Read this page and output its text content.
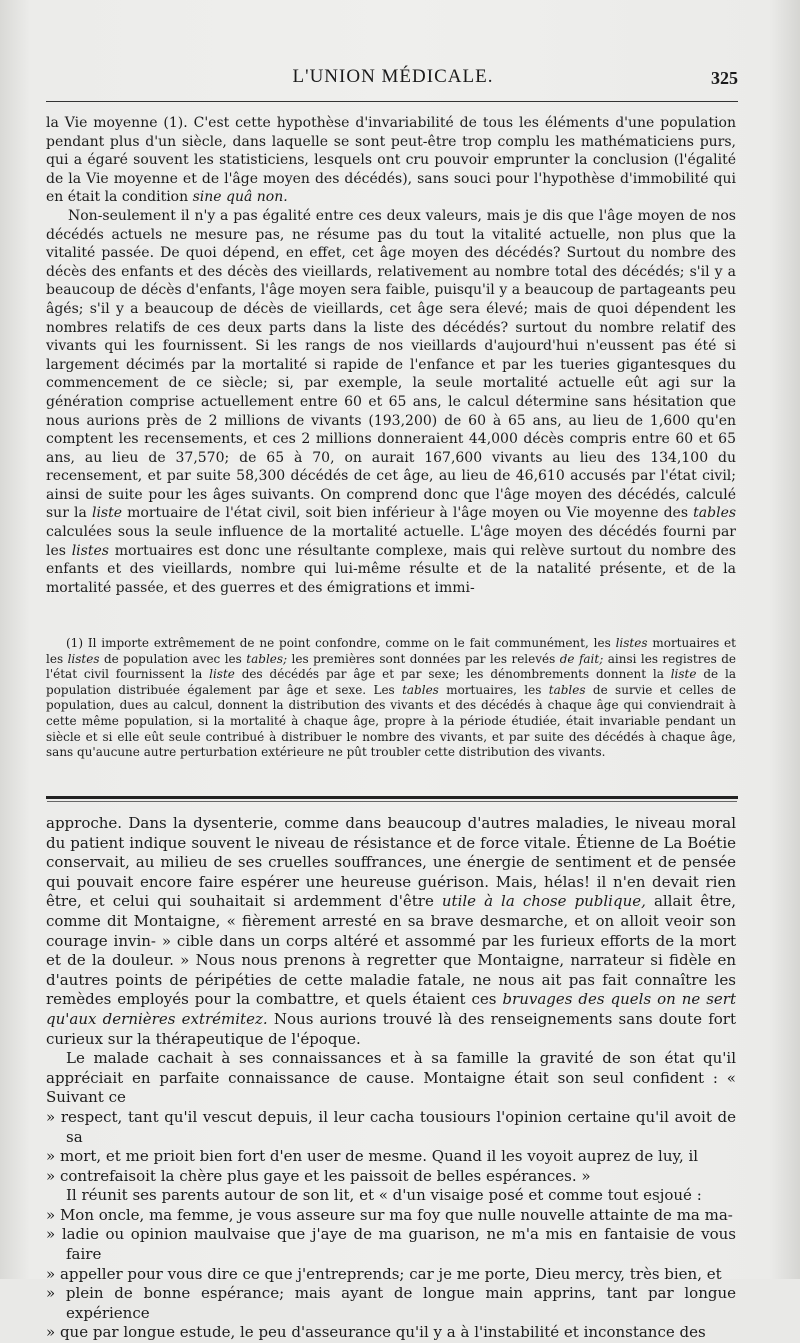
L'UNION MÉDICALE.	325

la Vie moyenne (1). C'est cette hypothèse d'invariabilité de tous les éléments d'une population pendant plus d'un siècle, dans laquelle se sont peut-être trop complu les mathématiciens purs, qui a égaré souvent les statisticiens, lesquels ont cru pouvoir emprunter la conclusion (l'égalité de la Vie moyenne et de l'âge moyen des décédés), sans souci pour l'hypothèse d'immobilité qui en était la condition sine quâ non.

Non-seulement il n'y a pas égalité entre ces deux valeurs, mais je dis que l'âge moyen de nos décédés actuels ne mesure pas, ne résume pas du tout la vitalité actuelle, non plus que la vitalité passée. De quoi dépend, en effet, cet âge moyen des décédés? Surtout du nombre des décès des enfants et des décès des vieillards, relativement au nombre total des décédés; s'il y a beaucoup de décès d'enfants, l'âge moyen sera faible, puisqu'il y a beaucoup de partageants peu âgés; s'il y a beaucoup de décès de vieillards, cet âge sera élevé; mais de quoi dépendent les nombres relatifs de ces deux parts dans la liste des décédés? surtout du nombre relatif des vivants qui les fournissent. Si les rangs de nos vieillards d'aujourd'hui n'eussent pas été si largement décimés par la mortalité si rapide de l'enfance et par les tueries gigantesques du commencement de ce siècle; si, par exemple, la seule mortalité actuelle eût agi sur la génération comprise actuellement entre 60 et 65 ans, le calcul détermine sans hésitation que nous aurions près de 2 millions de vivants (193,200) de 60 à 65 ans, au lieu de 1,600 qu'en comptent les recensements, et ces 2 millions donneraient 44,000 décès compris entre 60 et 65 ans, au lieu de 37,570; de 65 à 70, on aurait 167,600 vivants au lieu des 134,100 du recensement, et par suite 58,300 décédés de cet âge, au lieu de 46,610 accusés par l'état civil; ainsi de suite pour les âges suivants. On comprend donc que l'âge moyen des décédés, calculé sur la liste mortuaire de l'état civil, soit bien inférieur à l'âge moyen ou Vie moyenne des tables calculées sous la seule influence de la mortalité actuelle. L'âge moyen des décédés fourni par les listes mortuaires est donc une résultante complexe, mais qui relève surtout du nombre des enfants et des vieillards, nombre qui lui-même résulte et de la natalité présente, et de la mortalité passée, et des guerres et des émigrations et immi-

(1) Il importe extrêmement de ne point confondre, comme on le fait communément, les listes mortuaires et les listes de population avec les tables; les premières sont données par les relevés de fait; ainsi les registres de l'état civil fournissent la liste des décédés par âge et par sexe; les dénombrements donnent la liste de la population distribuée également par âge et sexe. Les tables mortuaires, les tables de survie et celles de population, dues au calcul, donnent la distribution des vivants et des décédés à chaque âge qui conviendrait à cette même population, si la mortalité à chaque âge, propre à la période étudiée, était invariable pendant un siècle et si elle eût seule contribué à distribuer le nombre des vivants, et par suite des décédés à chaque âge, sans qu'aucune autre perturbation extérieure ne pût troubler cette distribution des vivants.

approche. Dans la dysenterie, comme dans beaucoup d'autres maladies, le niveau moral du patient indique souvent le niveau de résistance et de force vitale. Étienne de La Boétie conservait, au milieu de ses cruelles souffrances, une énergie de sentiment et de pensée qui pouvait encore faire espérer une heureuse guérison. Mais, hélas! il n'en devait rien être, et celui qui souhaitait si ardemment d'être utile à la chose publique, allait être, comme dit Montaigne, « fièrement arresté en sa brave desmarche, et on alloit veoir son courage invin- » cible dans un corps altéré et assommé par les furieux efforts de la mort et de la douleur. » Nous nous prenons à regretter que Montaigne, narrateur si fidèle en d'autres points de péripéties de cette maladie fatale, ne nous ait pas fait connaître les remèdes employés pour la combattre, et quels étaient ces bruvages des quels on ne sert qu'aux dernières extrémitez. Nous aurions trouvé là des renseignements sans doute fort curieux sur la thérapeutique de l'époque.

Le malade cachait à ses connaissances et à sa famille la gravité de son état qu'il appréciait en parfaite connaissance de cause. Montaigne était son seul confident : « Suivant ce

» respect, tant qu'il vescut depuis, il leur cacha tousiours l'opinion certaine qu'il avoit de sa
» mort, et me prioit bien fort d'en user de mesme. Quand il les voyoit auprez de luy, il
» contrefaisoit la chère plus gaye et les paissoit de belles espérances. »

Il réunit ses parents autour de son lit, et « d'un visaige posé et comme tout esjoué :

» Mon oncle, ma femme, je vous asseure sur ma foy que nulle nouvelle attainte de ma ma-
» ladie ou opinion maulvaise que j'aye de ma guarison, ne m'a mis en fantaisie de vous faire
» appeller pour vous dire ce que j'entreprends; car je me porte, Dieu mercy, très bien, et
» plein de bonne espérance; mais ayant de longue main apprins, tant par longue expérience
» que par longue estude, le peu d'asseurance qu'il y a à l'instabilité et inconstance des
